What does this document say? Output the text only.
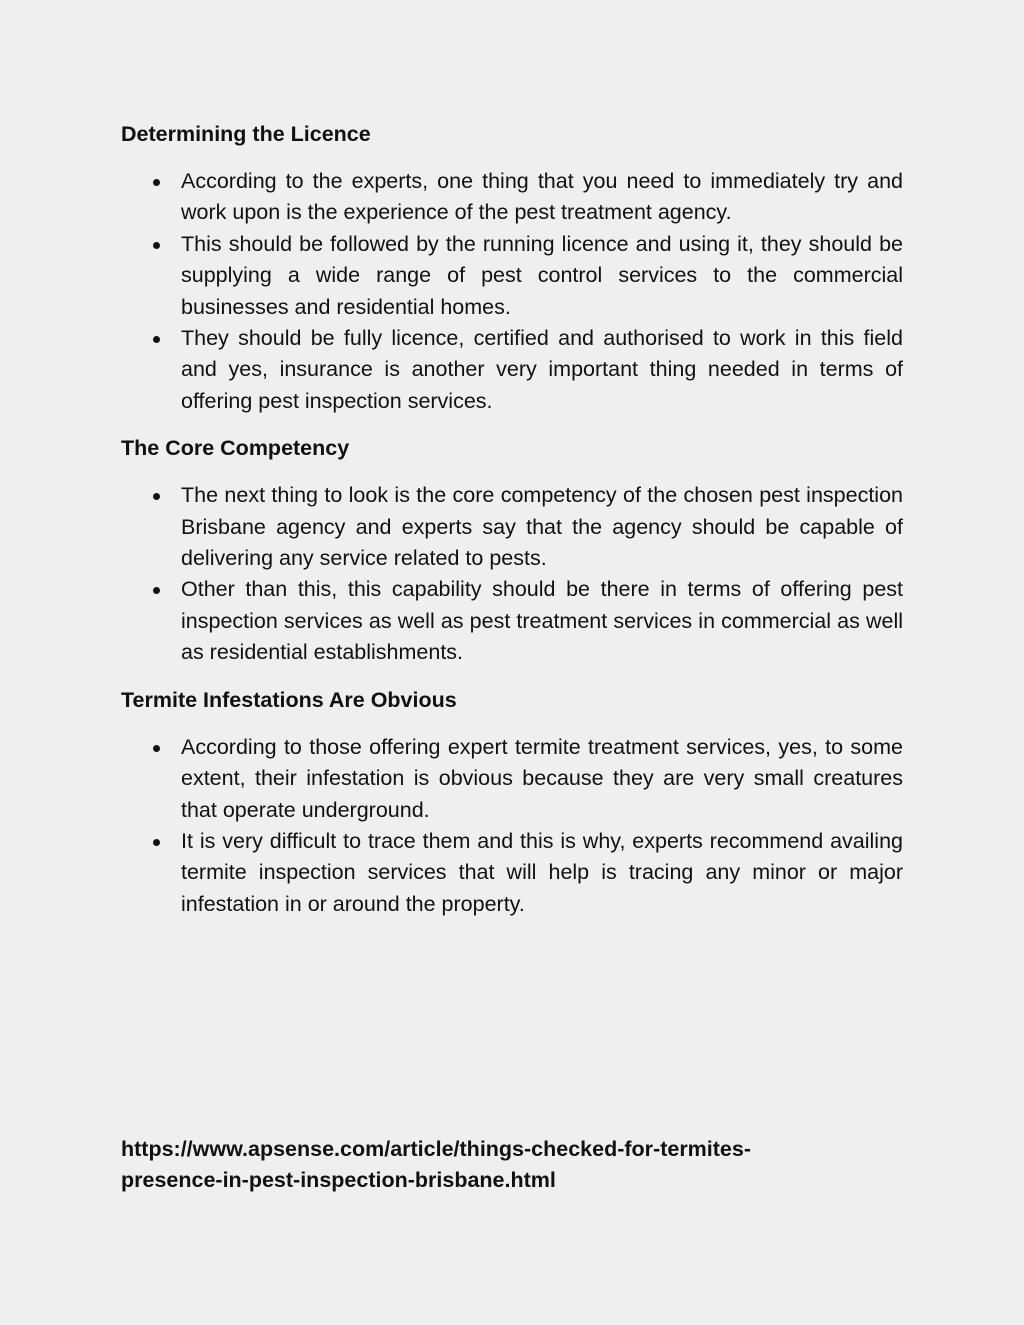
Determining the Licence
According to the experts, one thing that you need to immediately try and work upon is the experience of the pest treatment agency.
This should be followed by the running licence and using it, they should be supplying a wide range of pest control services to the commercial businesses and residential homes.
They should be fully licence, certified and authorised to work in this field and yes, insurance is another very important thing needed in terms of offering pest inspection services.
The Core Competency
The next thing to look is the core competency of the chosen pest inspection Brisbane agency and experts say that the agency should be capable of delivering any service related to pests.
Other than this, this capability should be there in terms of offering pest inspection services as well as pest treatment services in commercial as well as residential establishments.
Termite Infestations Are Obvious
According to those offering expert termite treatment services, yes, to some extent, their infestation is obvious because they are very small creatures that operate underground.
It is very difficult to trace them and this is why, experts recommend availing termite inspection services that will help is tracing any minor or major infestation in or around the property.
https://www.apsense.com/article/things-checked-for-termites-
presence-in-pest-inspection-brisbane.html
